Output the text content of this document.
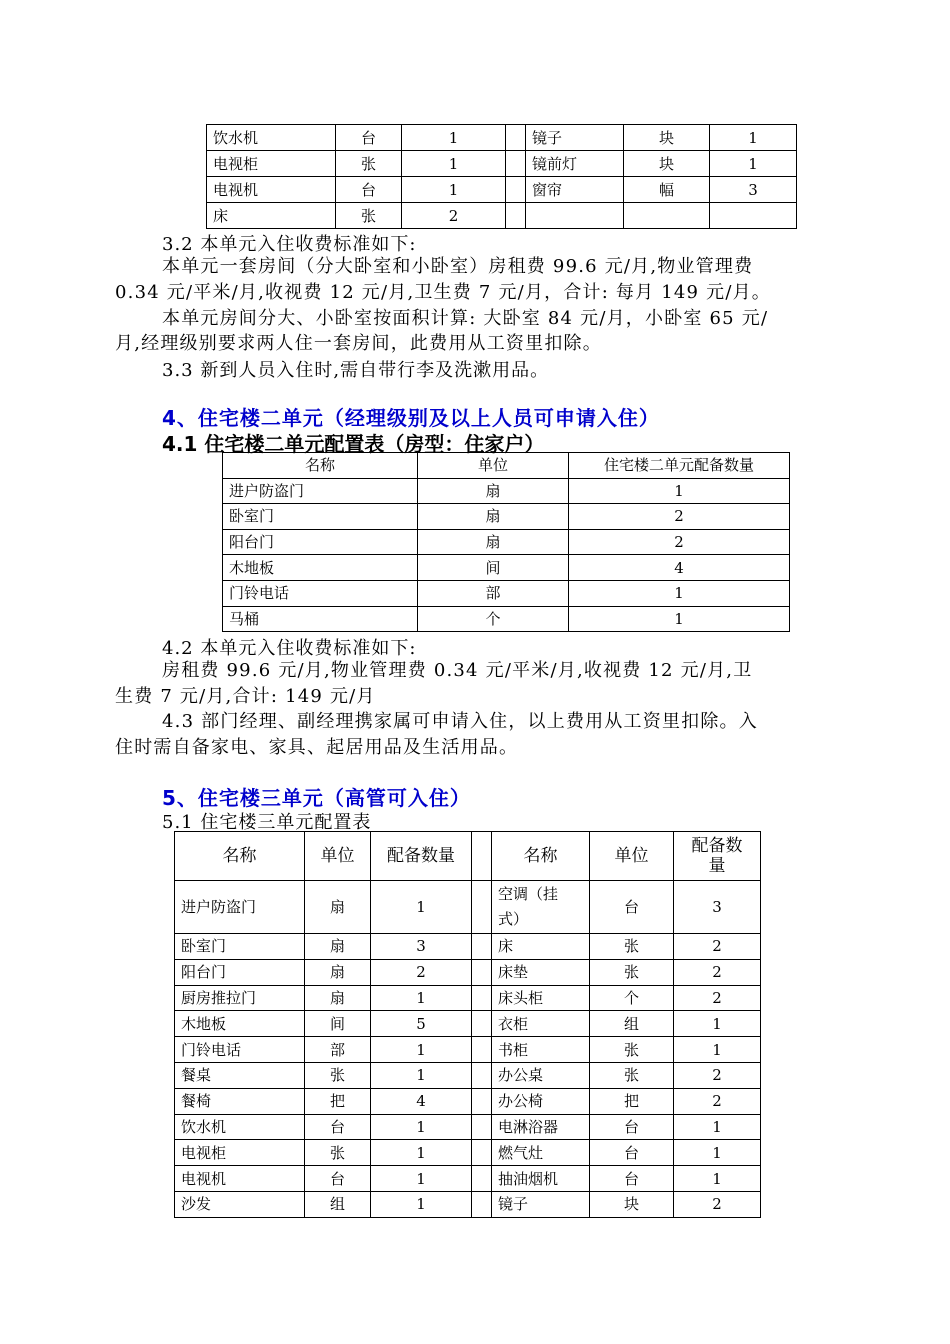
饮水机	台	1		镜子	块	1
电视柜	张	1		镜前灯	块	1
电视机	台	1		窗帘	幅	3
床	张	2				

3.2 本单元入住收费标准如下:

本单元一套房间（分大卧室和小卧室）房租费 99.6 元/月,物业管理费

0.34 元/平米/月,收视费 12 元/月,卫生费 7 元/月，合计: 每月 149 元/月。

本单元房间分大、小卧室按面积计算: 大卧室 84 元/月，小卧室 65 元/

月,经理级别要求两人住一套房间，此费用从工资里扣除。

3.3 新到人员入住时,需自带行李及洗漱用品。

4、住宅楼二单元（经理级别及以上人员可申请入住）

4.1 住宅楼二单元配置表（房型：住家户）

名称	单位	住宅楼二单元配备数量
进户防盗门	扇	1
卧室门	扇	2
阳台门	扇	2
木地板	间	4
门铃电话	部	1
马桶	个	1

4.2 本单元入住收费标准如下:

房租费 99.6 元/月,物业管理费 0.34 元/平米/月,收视费 12 元/月,卫

生费 7 元/月,合计: 149 元/月

4.3 部门经理、副经理携家属可申请入住，以上费用从工资里扣除。入

住时需自备家电、家具、起居用品及生活用品。

5、住宅楼三单元（高管可入住）

5.1 住宅楼三单元配置表

名称	单位	配备数量		名称	单位	配备数量
进户防盗门	扇	1		空调（挂式）	台	3
卧室门	扇	3		床	张	2
阳台门	扇	2		床垫	张	2
厨房推拉门	扇	1		床头柜	个	2
木地板	间	5		衣柜	组	1
门铃电话	部	1		书柜	张	1
餐桌	张	1		办公桌	张	2
餐椅	把	4		办公椅	把	2
饮水机	台	1		电淋浴器	台	1
电视柜	张	1		燃气灶	台	1
电视机	台	1		抽油烟机	台	1
沙发	组	1		镜子	块	2
